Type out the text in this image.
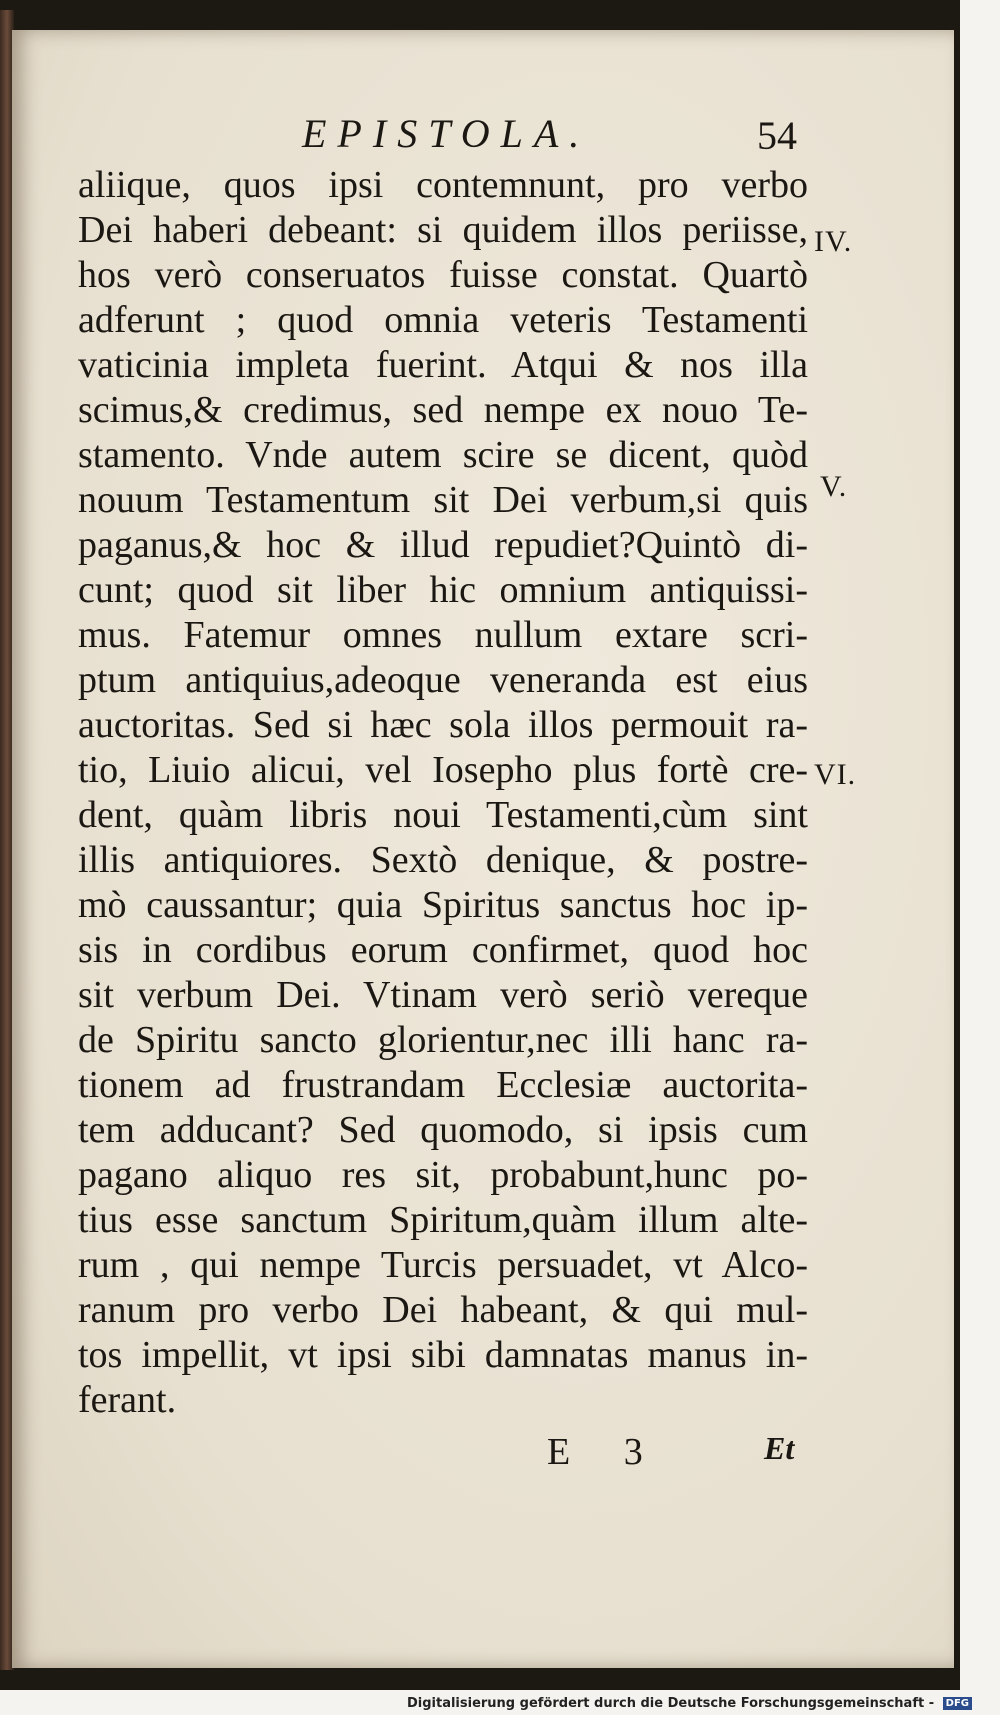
EPISTOLA.	54
aliique, quos ipsi contemnunt, pro verbo
Dei haberi debeant: si quidem illos periisse,
hos verò conseruatos fuisse constat. Quartò
adferunt ; quod omnia veteris Testamenti
vaticinia impleta fuerint. Atqui & nos illa
scimus,& credimus, sed nempe ex nouo Te-
stamento. Vnde autem scire se dicent, quòd
nouum Testamentum sit Dei verbum,si quis
paganus,& hoc & illud repudiet?Quintò di-
cunt; quod sit liber hic omnium antiquissi-
mus. Fatemur omnes nullum extare scri-
ptum antiquius,adeoque veneranda est eius
auctoritas. Sed si hæc sola illos permouit ra-
tio, Liuio alicui, vel Iosepho plus fortè cre-
dent, quàm libris noui Testamenti,cùm sint
illis antiquiores. Sextò denique, & postre-
mò caussantur; quia Spiritus sanctus hoc ip-
sis in cordibus eorum confirmet, quod hoc
sit verbum Dei. Vtinam verò seriò vereque
de Spiritu sancto glorientur,nec illi hanc ra-
tionem ad frustrandam Ecclesiæ auctorita-
tem adducant? Sed quomodo, si ipsis cum
pagano aliquo res sit, probabunt,hunc po-
tius esse sanctum Spiritum,quàm illum alte-
rum , qui nempe Turcis persuadet, vt Alco-
ranum pro verbo Dei habeant, & qui mul-
tos impellit, vt ipsi sibi damnatas manus in-
ferant.
IV.
V.
VI.
E 3	Et
Digitalisierung gefördert durch die Deutsche Forschungsgemeinschaft - DFG
